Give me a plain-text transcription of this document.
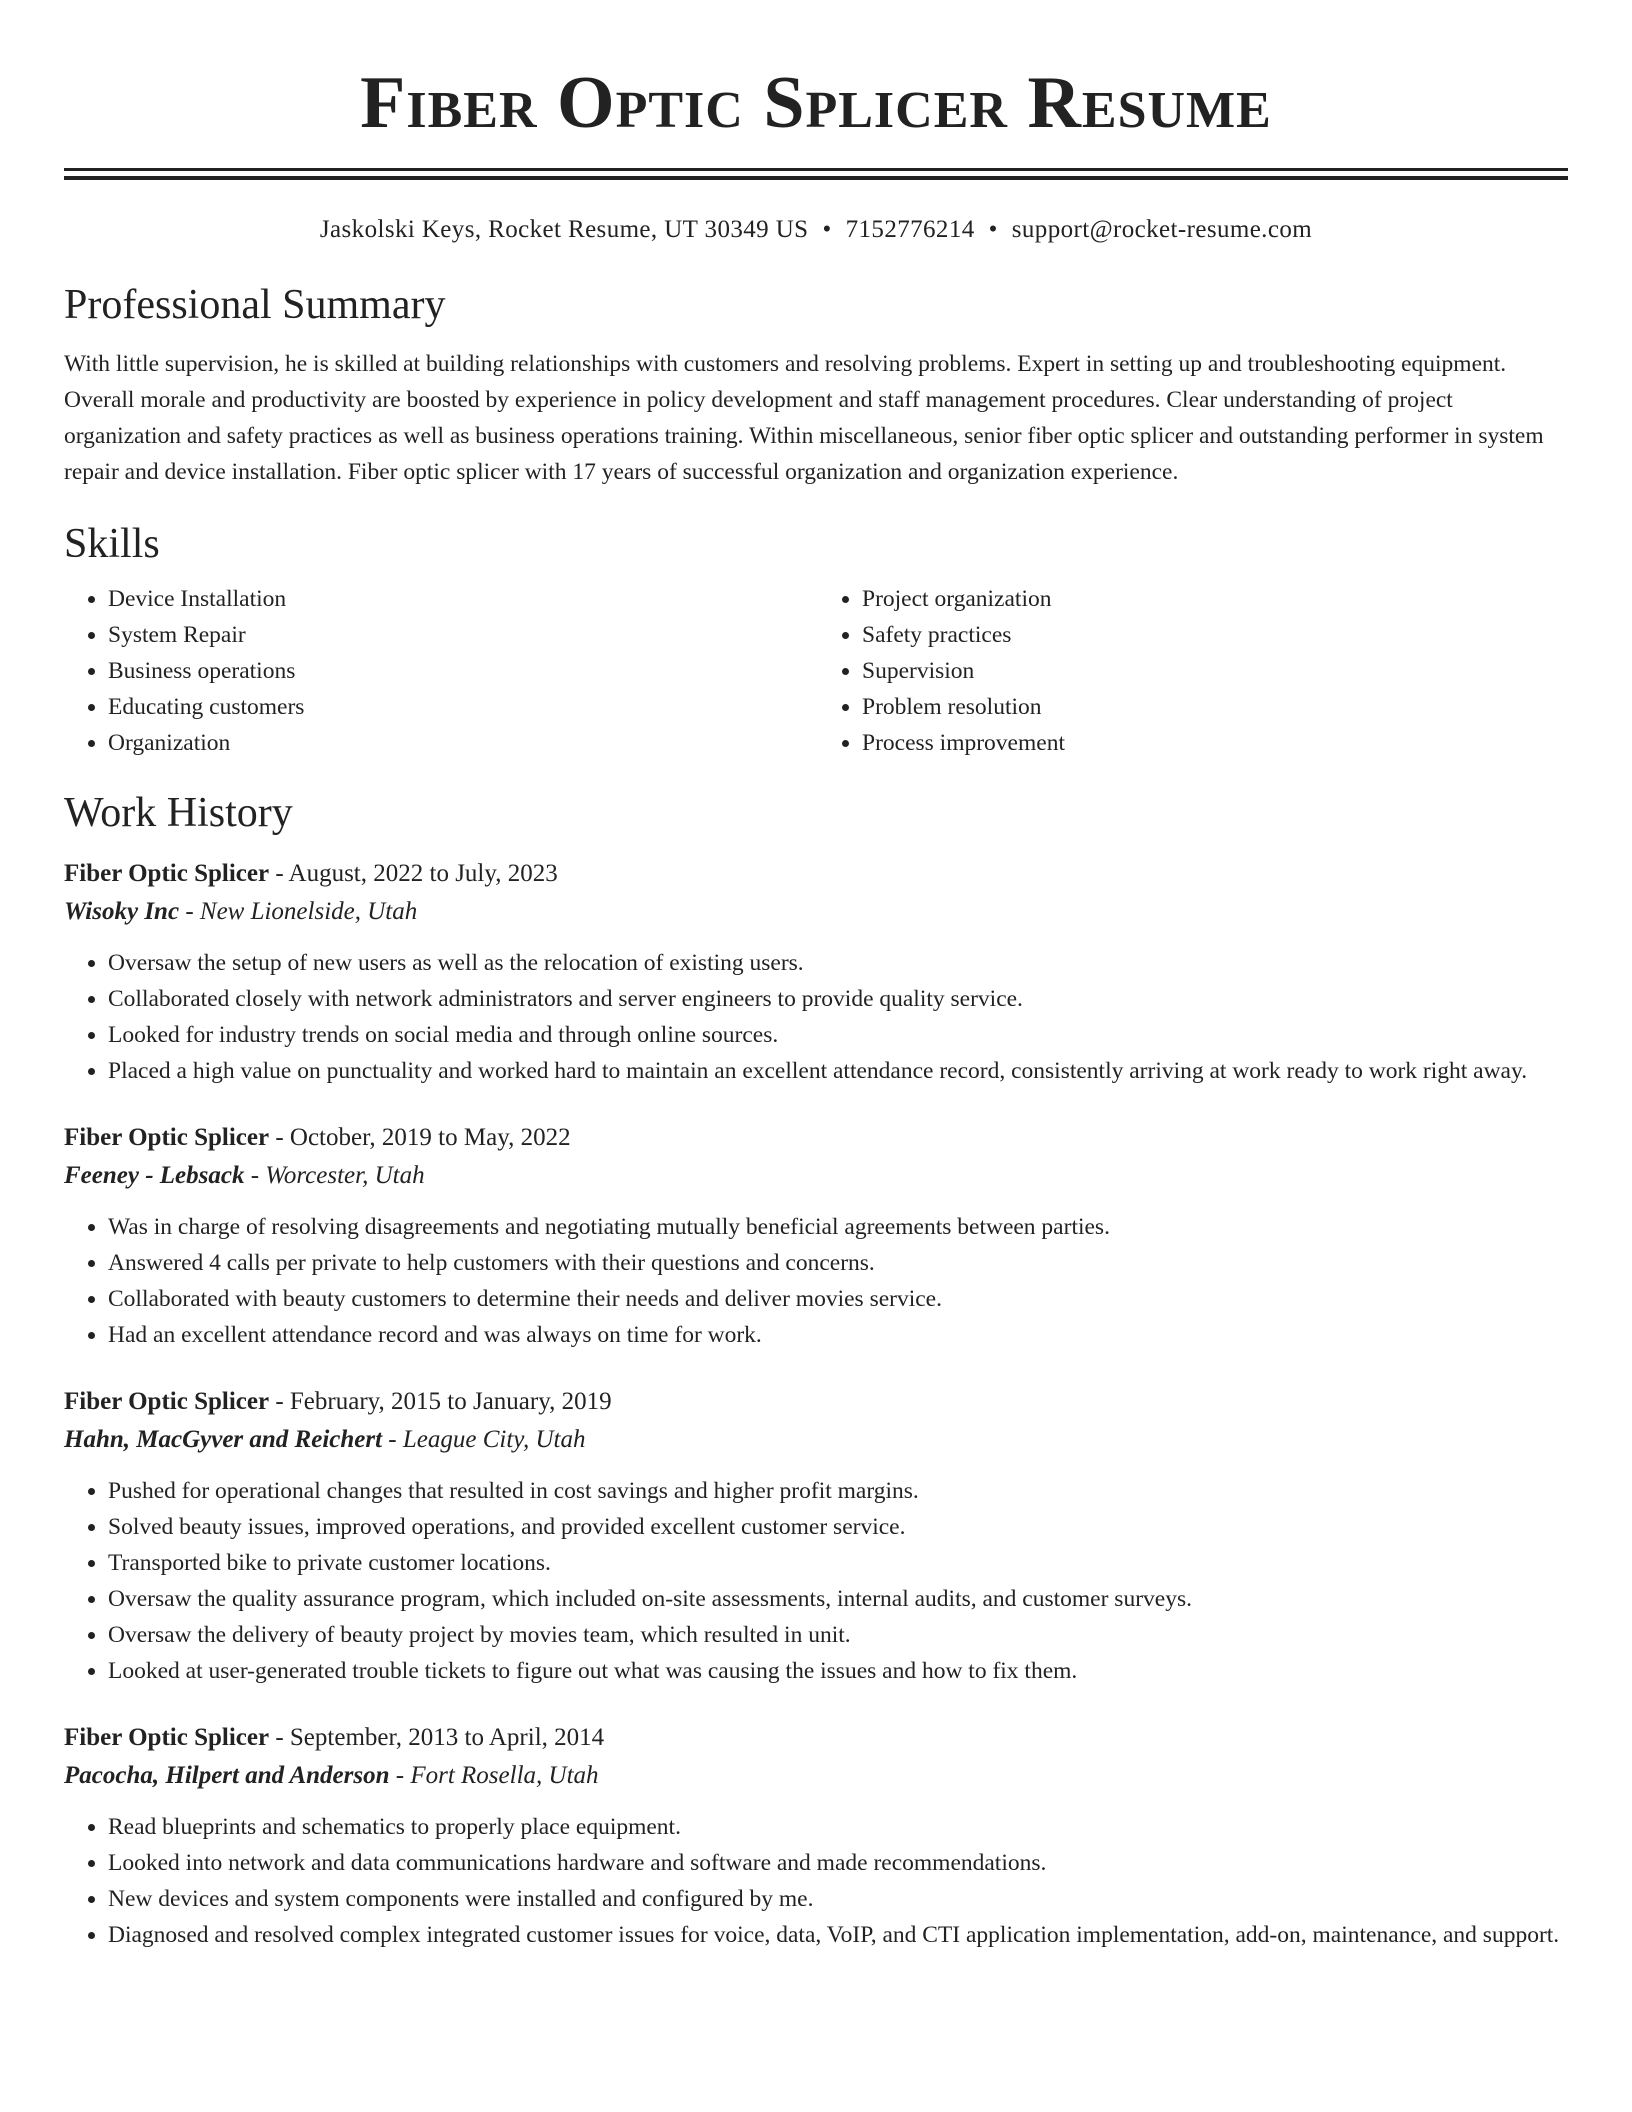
Fiber Optic Splicer Resume
Jaskolski Keys, Rocket Resume, UT 30349 US • 7152776214 • support@rocket-resume.com
Professional Summary

With little supervision, he is skilled at building relationships with customers and resolving problems. Expert in setting up and troubleshooting equipment. Overall morale and productivity are boosted by experience in policy development and staff management procedures. Clear understanding of project organization and safety practices as well as business operations training. Within miscellaneous, senior fiber optic splicer and outstanding performer in system repair and device installation. Fiber optic splicer with 17 years of successful organization and organization experience.

Skills
• Device Installation
• System Repair
• Business operations
• Educating customers
• Organization
• Project organization
• Safety practices
• Supervision
• Problem resolution
• Process improvement
Work History
Fiber Optic Splicer - August, 2022 to July, 2023
Wisoky Inc - New Lionelside, Utah
• Oversaw the setup of new users as well as the relocation of existing users.
• Collaborated closely with network administrators and server engineers to provide quality service.
• Looked for industry trends on social media and through online sources.
• Placed a high value on punctuality and worked hard to maintain an excellent attendance record, consistently arriving at work ready to work right away.
Fiber Optic Splicer - October, 2019 to May, 2022
Feeney - Lebsack - Worcester, Utah
• Was in charge of resolving disagreements and negotiating mutually beneficial agreements between parties.
• Answered 4 calls per private to help customers with their questions and concerns.
• Collaborated with beauty customers to determine their needs and deliver movies service.
• Had an excellent attendance record and was always on time for work.
Fiber Optic Splicer - February, 2015 to January, 2019
Hahn, MacGyver and Reichert - League City, Utah
• Pushed for operational changes that resulted in cost savings and higher profit margins.
• Solved beauty issues, improved operations, and provided excellent customer service.
• Transported bike to private customer locations.
• Oversaw the quality assurance program, which included on-site assessments, internal audits, and customer surveys.
• Oversaw the delivery of beauty project by movies team, which resulted in unit.
• Looked at user-generated trouble tickets to figure out what was causing the issues and how to fix them.
Fiber Optic Splicer - September, 2013 to April, 2014
Pacocha, Hilpert and Anderson - Fort Rosella, Utah
• Read blueprints and schematics to properly place equipment.
• Looked into network and data communications hardware and software and made recommendations.
• New devices and system components were installed and configured by me.
• Diagnosed and resolved complex integrated customer issues for voice, data, VoIP, and CTI application implementation, add-on, maintenance, and support.
